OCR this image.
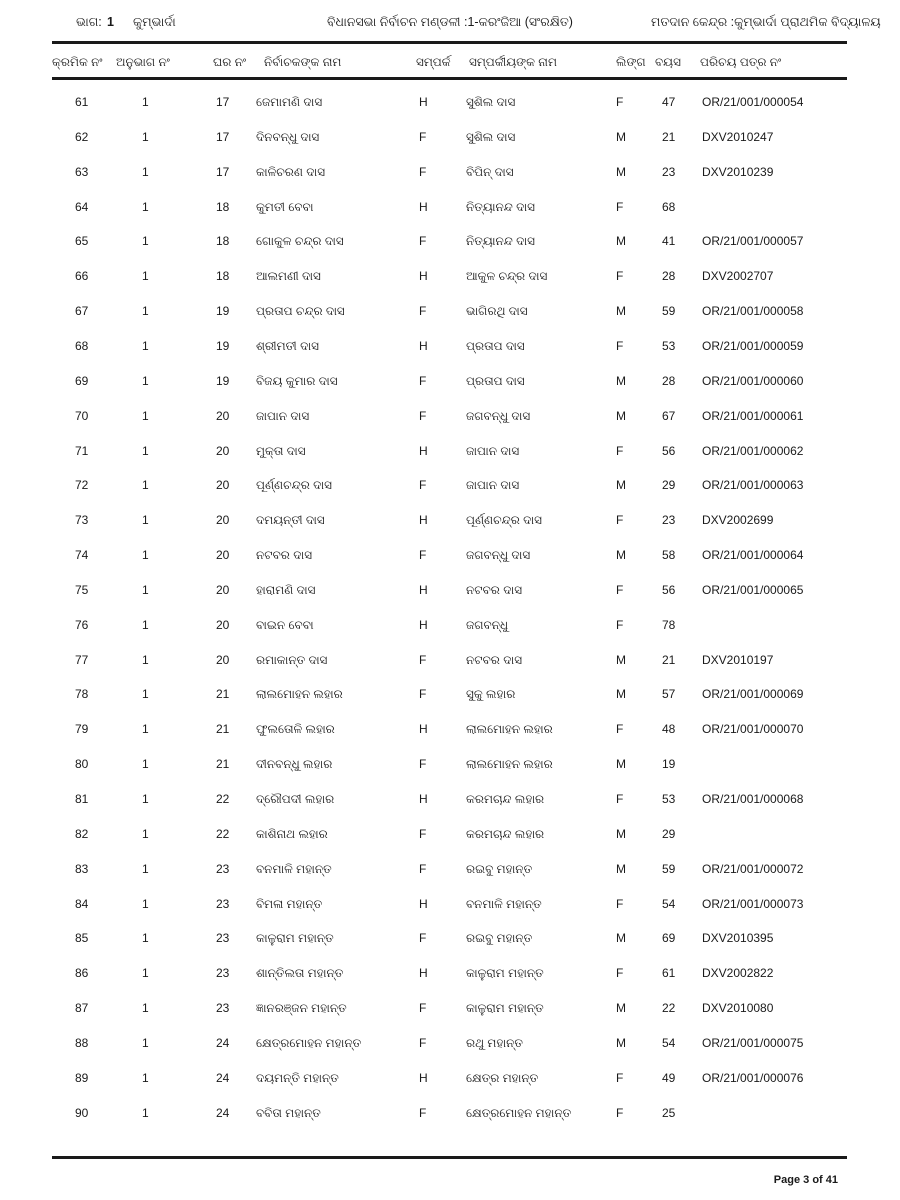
ଭାଗ: 1 କୁମ୍ଭାର୍ଦା	ବିଧାନସଭା ନିର୍ବାଚନ ମଣ୍ଡଳୀ :1-କରଂଜିଆ (ସଂରକ୍ଷିତ)	ମତଦାନ କେନ୍ଦ୍ର :କୁମ୍ଭାର୍ଦା ପ୍ରାଥମିକ ବିଦ୍ୟାଳୟ
କ୍ରମିକ ନଂ ଅନୁଭାଗ ନଂ	ଘର ନଂ ନିର୍ବାଚକଙ୍କ ନାମ	ସମ୍ପର୍କ ସମ୍ପର୍କୀୟଙ୍କ ନାମ	ଲିଙ୍ଗ ବୟସ ପରିଚୟ ପତ୍ର ନଂ
61	1	17 ଜେମାମଣି ଦାସ	H	ସୁଶିଲ ଦାସ	F	47 OR/21/001/000054
62	1	17 ଦିନବନ୍ଧୁ ଦାସ	F	ସୁଶିଲ ଦାସ	M	21 DXV2010247
63	1	17 କାଳିଚରଣ ଦାସ	F	ବିପିନ୍ ଦାସ	M	23 DXV2010239
64	1	18 କୁମତୀ ବେବା	H	ନିତ୍ୟାନନ୍ଦ ଦାସ	F	68
65	1	18 ଗୋକୁଳ ଚନ୍ଦ୍ର ଦାସ	F	ନିତ୍ୟାନନ୍ଦ ଦାସ	M	41 OR/21/001/000057
66	1	18 ଆଲମଣୀ ଦାସ	H	ଆକୁଳ ଚନ୍ଦ୍ର ଦାସ	F	28 DXV2002707
67	1	19 ପ୍ରତାପ ଚନ୍ଦ୍ର ଦାସ	F	ଭାଗିରଥି ଦାସ	M	59 OR/21/001/000058
68	1	19 ଶ୍ରୀମତୀ ଦାସ	H	ପ୍ରତାପ ଦାସ	F	53 OR/21/001/000059
69	1	19 ବିଜୟ କୁମାର ଦାସ	F	ପ୍ରତାପ ଦାସ	M	28 OR/21/001/000060
70	1	20 ଜାପାନ ଦାସ	F	ଜଗବନ୍ଧୁ ଦାସ	M	67 OR/21/001/000061
71	1	20 ମୁକ୍ତା ଦାସ	H	ଜାପାନ ଦାସ	F	56 OR/21/001/000062
72	1	20 ପୂର୍ଣ୍ଣଚନ୍ଦ୍ର ଦାସ	F	ଜାପାନ ଦାସ	M	29 OR/21/001/000063
73	1	20 ଦମୟନ୍ତୀ ଦାସ	H	ପୂର୍ଣ୍ଣଚନ୍ଦ୍ର ଦାସ	F	23 DXV2002699
74	1	20 ନଟବର ଦାସ	F	ଜଗବନ୍ଧୁ ଦାସ	M	58 OR/21/001/000064
75	1	20 ହାରାମଣି ଦାସ	H	ନଟବର ଦାସ	F	56 OR/21/001/000065
76	1	20 ବାଇନ ବେବା	H	ଜଗବନ୍ଧୁ	F	78
77	1	20 ରମାକାନ୍ତ ଦାସ	F	ନଟବର ଦାସ	M	21 DXV2010197
78	1	21 ଲାଲମୋହନ ଲହାର	F	ସୁକୁ ଲହାର	M	57 OR/21/001/000069
79	1	21 ଫୁଲତୋଳି ଲହାର	H	ଲାଲମୋହନ ଲହାର	F	48 OR/21/001/000070
80	1	21 ଦୀନବନ୍ଧୁ ଲହାର	F	ଲାଲମୋହନ ଲହାର	M	19
81	1	22 ଦ୍ରୌପଦୀ ଲହାର	H	କରମଚାନ୍ଦ ଲହାର	F	53 OR/21/001/000068
82	1	22 କାଶିନାଥ ଲହାର	F	କରମଚାନ୍ଦ ଲହାର	M	29
83	1	23 ବନମାଳି ମହାନ୍ତ	F	ରଇବୁ ମହାନ୍ତ	M	59 OR/21/001/000072
84	1	23 ବିମଳା ମହାନ୍ତ	H	ବନମାଳି ମହାନ୍ତ	F	54 OR/21/001/000073
85	1	23 କାଳୁରାମ ମହାନ୍ତ	F	ରଇବୁ ମହାନ୍ତ	M	69 DXV2010395
86	1	23 ଶାନ୍ତିଲତା ମହାନ୍ତ	H	କାଳୁରାମ ମହାନ୍ତ	F	61 DXV2002822
87	1	23 ଜ୍ଞାନରଞ୍ଜନ ମହାନ୍ତ	F	କାଳୁରାମ ମହାନ୍ତ	M	22 DXV2010080
88	1	24 କ୍ଷେତ୍ରମୋହନ ମହାନ୍ତ	F	ରଥୁ ମହାନ୍ତ	M	54 OR/21/001/000075
89	1	24 ଦୟମନ୍ତି ମହାନ୍ତ	H	କ୍ଷେତ୍ର ମହାନ୍ତ	F	49 OR/21/001/000076
90	1	24 ବବିତା ମହାନ୍ତ	F	କ୍ଷେତ୍ରମୋହନ ମହାନ୍ତ	F	25
Page 3 of 41
